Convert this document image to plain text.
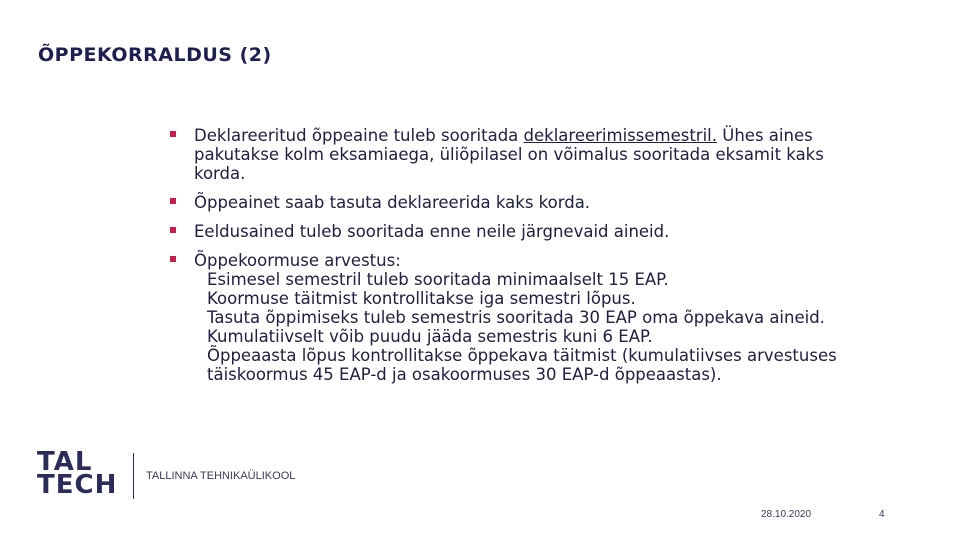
ÕPPEKORRALDUS (2)
Deklareeritud õppeaine tuleb sooritada deklareerimissemestril. Ühes aines pakutakse kolm eksamiaega, üliõpilasel on võimalus sooritada eksamit kaks korda.
Õppeainet saab tasuta deklareerida kaks korda.
Eeldusained tuleb sooritada enne neile järgnevaid aineid.
Õppekoormuse arvestus:
Esimesel semestril tuleb sooritada minimaalselt 15 EAP.
Koormuse täitmist kontrollitakse iga semestri lõpus.
Tasuta õppimiseks tuleb semestris sooritada 30 EAP oma õppekava aineid.
Kumulatiivselt võib puudu jääda semestris kuni 6 EAP.
Õppeaasta lõpus kontrollitakse õppekava täitmist (kumulatiivses arvestuses täiskoormus 45 EAP-d ja osakoormuses 30 EAP-d õppeaastas).
TAL
TECH	TALLINNA TEHNIKAÜLIKOOL
28.10.2020	4
